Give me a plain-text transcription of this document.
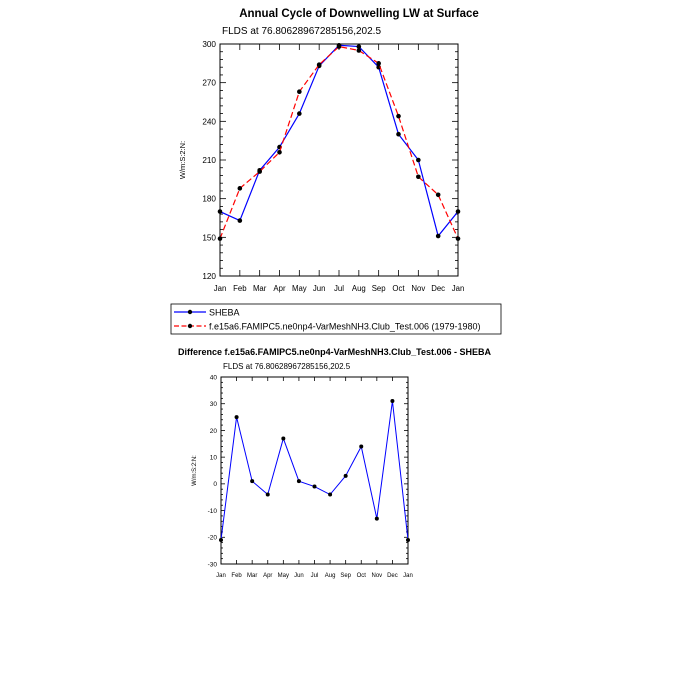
Annual Cycle of Downwelling LW at Surface
FLDS at 76.80628967285156,202.5
120
150
180
210
240
270
300
Jan Feb Mar Apr May Jun Jul Aug Sep Oct Nov Dec Jan
W/m:S:2:N:
SHEBA
f.e15a6.FAMIPC5.ne0np4-VarMeshNH3.Club_Test.006 (1979-1980)
Difference f.e15a6.FAMIPC5.ne0np4-VarMeshNH3.Club_Test.006 - SHEBA
FLDS at 76.80628967285156,202.5
-30
-20
-10
0
10
20
30
40
Jan Feb Mar Apr May Jun Jul Aug Sep Oct Nov Dec Jan
W/m:S:2:N:
